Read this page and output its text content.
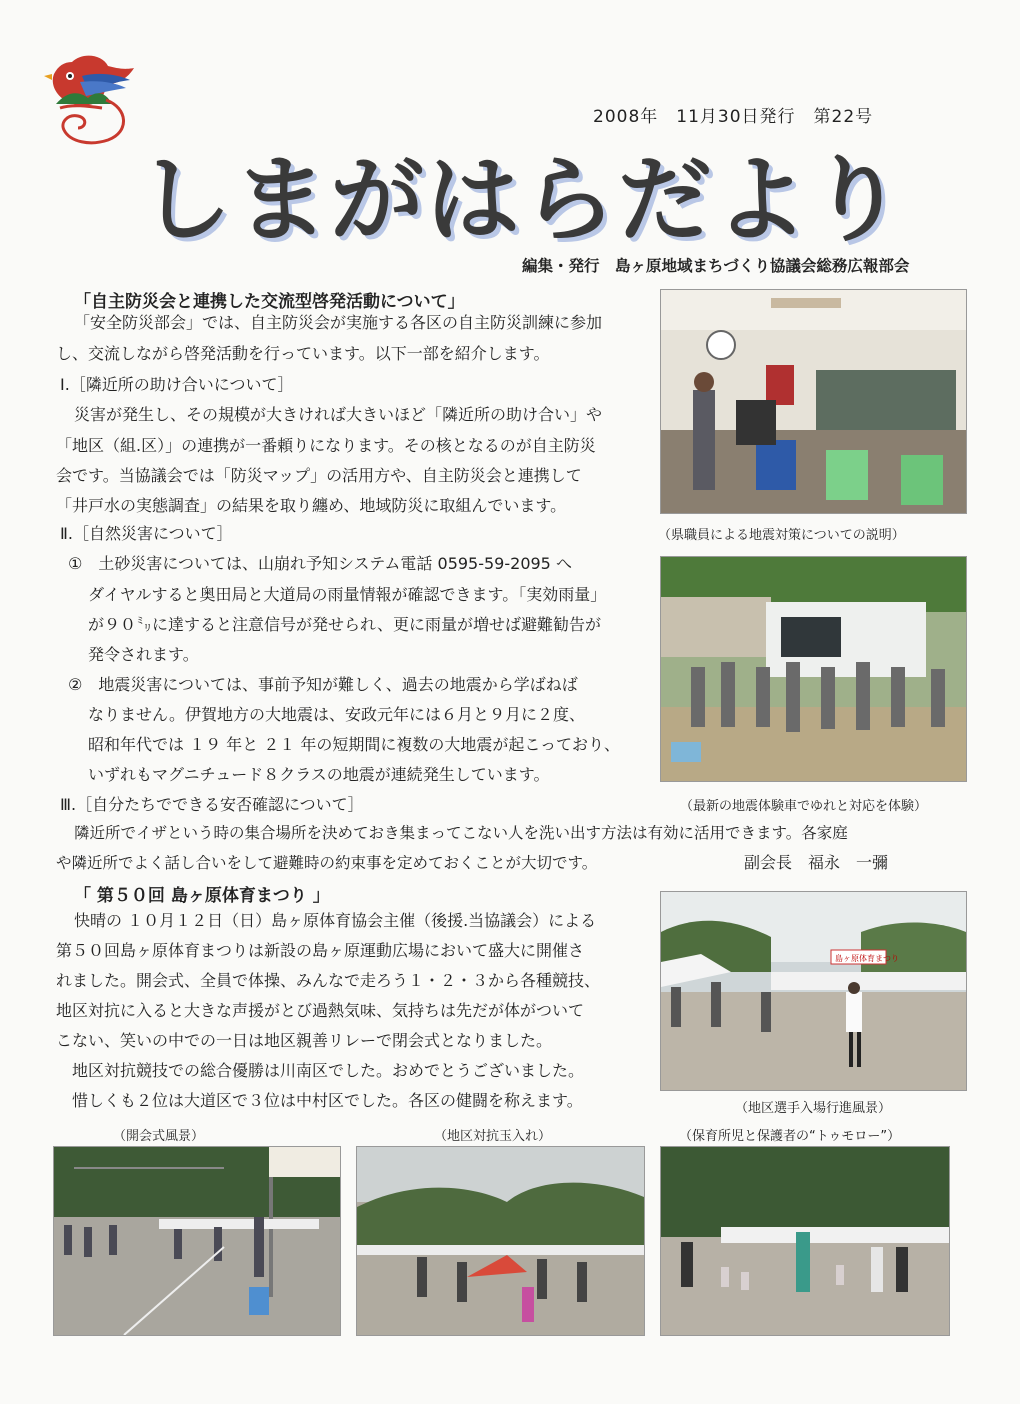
2008年　11月30日発行　第22号
しまがはらだより
編集・発行　島ヶ原地域まちづくり協議会総務広報部会
「自主防災会と連携した交流型啓発活動について」
「安全防災部会」では、自主防災会が実施する各区の自主防災訓練に参加
し、交流しながら啓発活動を行っています。以下一部を紹介します。
Ⅰ.［隣近所の助け合いについて］
災害が発生し、その規模が大きければ大きいほど「隣近所の助け合い」や
「地区（組.区）」の連携が一番頼りになります。その核となるのが自主防災
会です。当協議会では「防災マップ」の活用方や、自主防災会と連携して
「井戸水の実態調査」の結果を取り纏め、地域防災に取組んでいます。
Ⅱ.［自然災害について］
①　土砂災害については、山崩れ予知システム電話 0595-59-2095 へ
ダイヤルすると奥田局と大道局の雨量情報が確認できます。「実効雨量」
が９０㍉に達すると注意信号が発せられ、更に雨量が増せば避難勧告が
発令されます。
②　地震災害については、事前予知が難しく、過去の地震から学ばねば
なりません。伊賀地方の大地震は、安政元年には６月と９月に２度、
昭和年代では １９ 年と ２１ 年の短期間に複数の大地震が起こっており、
いずれもマグニチュード８クラスの地震が連続発生しています。
Ⅲ.［自分たちでできる安否確認について］
隣近所でイザという時の集合場所を決めておき集まってこない人を洗い出す方法は有効に活用できます。各家庭
や隣近所でよく話し合いをして避難時の約束事を定めておくことが大切です。	副会長　福永　一彌
（県職員による地震対策についての説明）
（最新の地震体験車でゆれと対応を体験）
「 第５０回 島ヶ原体育まつり 」
快晴の １０月１２日（日）島ヶ原体育協会主催（後援.当協議会）による
第５０回島ヶ原体育まつりは新設の島ヶ原運動広場において盛大に開催さ
れました。開会式、全員で体操、みんなで走ろう１・２・３から各種競技、
地区対抗に入ると大きな声援がとび過熱気味、気持ちは先だが体がついて
こない、笑いの中での一日は地区親善リレーで閉会式となりました。
　地区対抗競技での総合優勝は川南区でした。おめでとうございました。
　惜しくも２位は大道区で３位は中村区でした。各区の健闘を称えます。
島ヶ原体育まつり
（地区選手入場行進風景）
（開会式風景）	（地区対抗玉入れ）	（保育所児と保護者の“トゥモロー”）
